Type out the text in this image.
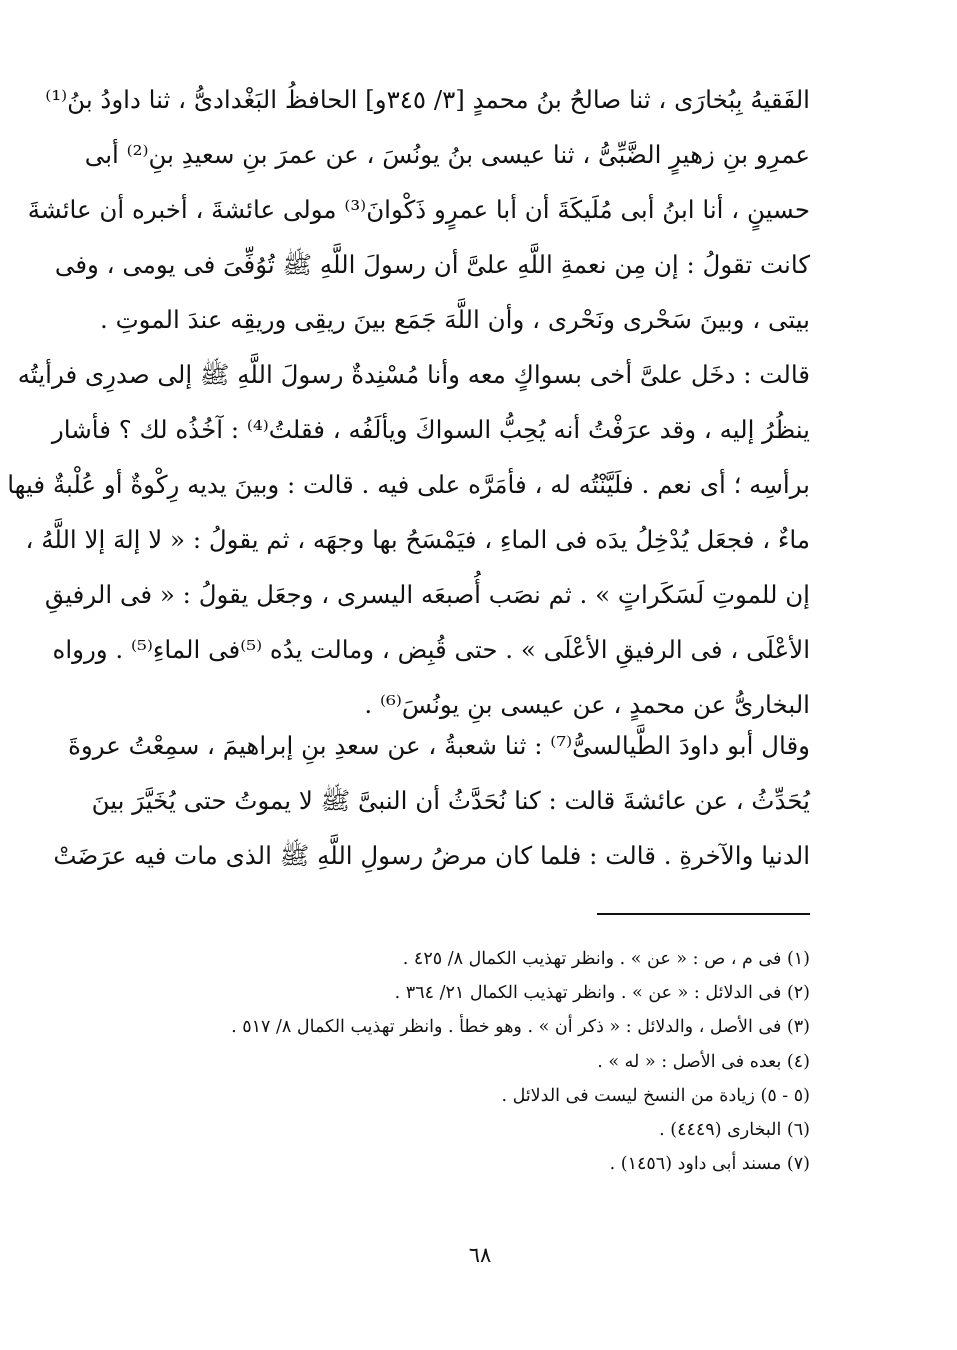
الفَقيهُ بِبُخارَى ، ثنا صالحُ بنُ محمدٍ [٣/ ٣٤٥و] الحافظُ البَغْدادىُّ ، ثنا داودُ بنُ⁽¹⁾
عمرِو بنِ زهيرٍ الضَّبِّىُّ ، ثنا عيسى بنُ يونُسَ ، عن عمرَ بنِ سعيدِ بنِ⁽²⁾ أبى
حسينٍ ، أنا ابنُ أبى مُلَيكَةَ أن أبا عمرٍو ذَكْوانَ⁽³⁾ مولى عائشةَ ، أخبره أن عائشةَ
كانت تقولُ : إن مِن نعمةِ اللَّهِ علىَّ أن رسولَ اللَّهِ ﷺ تُوُفِّىَ فى يومى ، وفى
بيتى ، وبينَ سَحْرى ونَحْرى ، وأن اللَّهَ جَمَع بينَ ريقِى وريقِه عندَ الموتِ .
قالت : دخَل علىَّ أخى بسواكٍ معه وأنا مُسْنِدةٌ رسولَ اللَّهِ ﷺ إلى صدرِى فرأيتُه
ينظُرُ إليه ، وقد عرَفْتُ أنه يُحِبُّ السواكَ ويألَفُه ، فقلتُ⁽⁴⁾ : آخُذُه لك ؟ فأشار
برأسِه ؛ أى نعم . فلَيَّنْتُه له ، فأمَرَّه على فيه . قالت : وبينَ يديه رِكْوةٌ أو عُلْبةٌ فيها
ماءٌ ، فجعَل يُدْخِلُ يدَه فى الماءِ ، فيَمْسَحُ بها وجهَه ، ثم يقولُ : « لا إلهَ إلا اللَّهُ ،
إن للموتِ لَسَكَراتٍ » . ثم نصَب أُصبعَه اليسرى ، وجعَل يقولُ : « فى الرفيقِ
الأعْلَى ، فى الرفيقِ الأعْلَى » . حتى قُبِض ، ومالت يدُه ⁽⁵⁾فى الماءِ⁽⁵⁾ . ورواه
البخارىُّ عن محمدٍ ، عن عيسى بنِ يونُسَ⁽⁶⁾ .
وقال أبو داودَ الطَّيالسىُّ⁽⁷⁾ : ثنا شعبةُ ، عن سعدِ بنِ إبراهيمَ ، سمِعْتُ عروةَ
يُحَدِّثُ ، عن عائشةَ قالت : كنا نُحَدَّثُ أن النبىَّ ﷺ لا يموتُ حتى يُخَيَّرَ بينَ
الدنيا والآخرةِ . قالت : فلما كان مرضُ رسولِ اللَّهِ ﷺ الذى مات فيه عرَضَتْ
(١) فى م ، ص : « عن » . وانظر تهذيب الكمال ٨/ ٤٢٥ .
(٢) فى الدلائل : « عن » . وانظر تهذيب الكمال ٢١/ ٣٦٤ .
(٣) فى الأصل ، والدلائل : « ذكر أن » . وهو خطأ . وانظر تهذيب الكمال ٨/ ٥١٧ .
(٤) بعده فى الأصل : « له » .
(٥ - ٥) زيادة من النسخ ليست فى الدلائل .
(٦) البخارى (٤٤٤٩) .
(٧) مسند أبى داود (١٤٥٦) .
٦٨
